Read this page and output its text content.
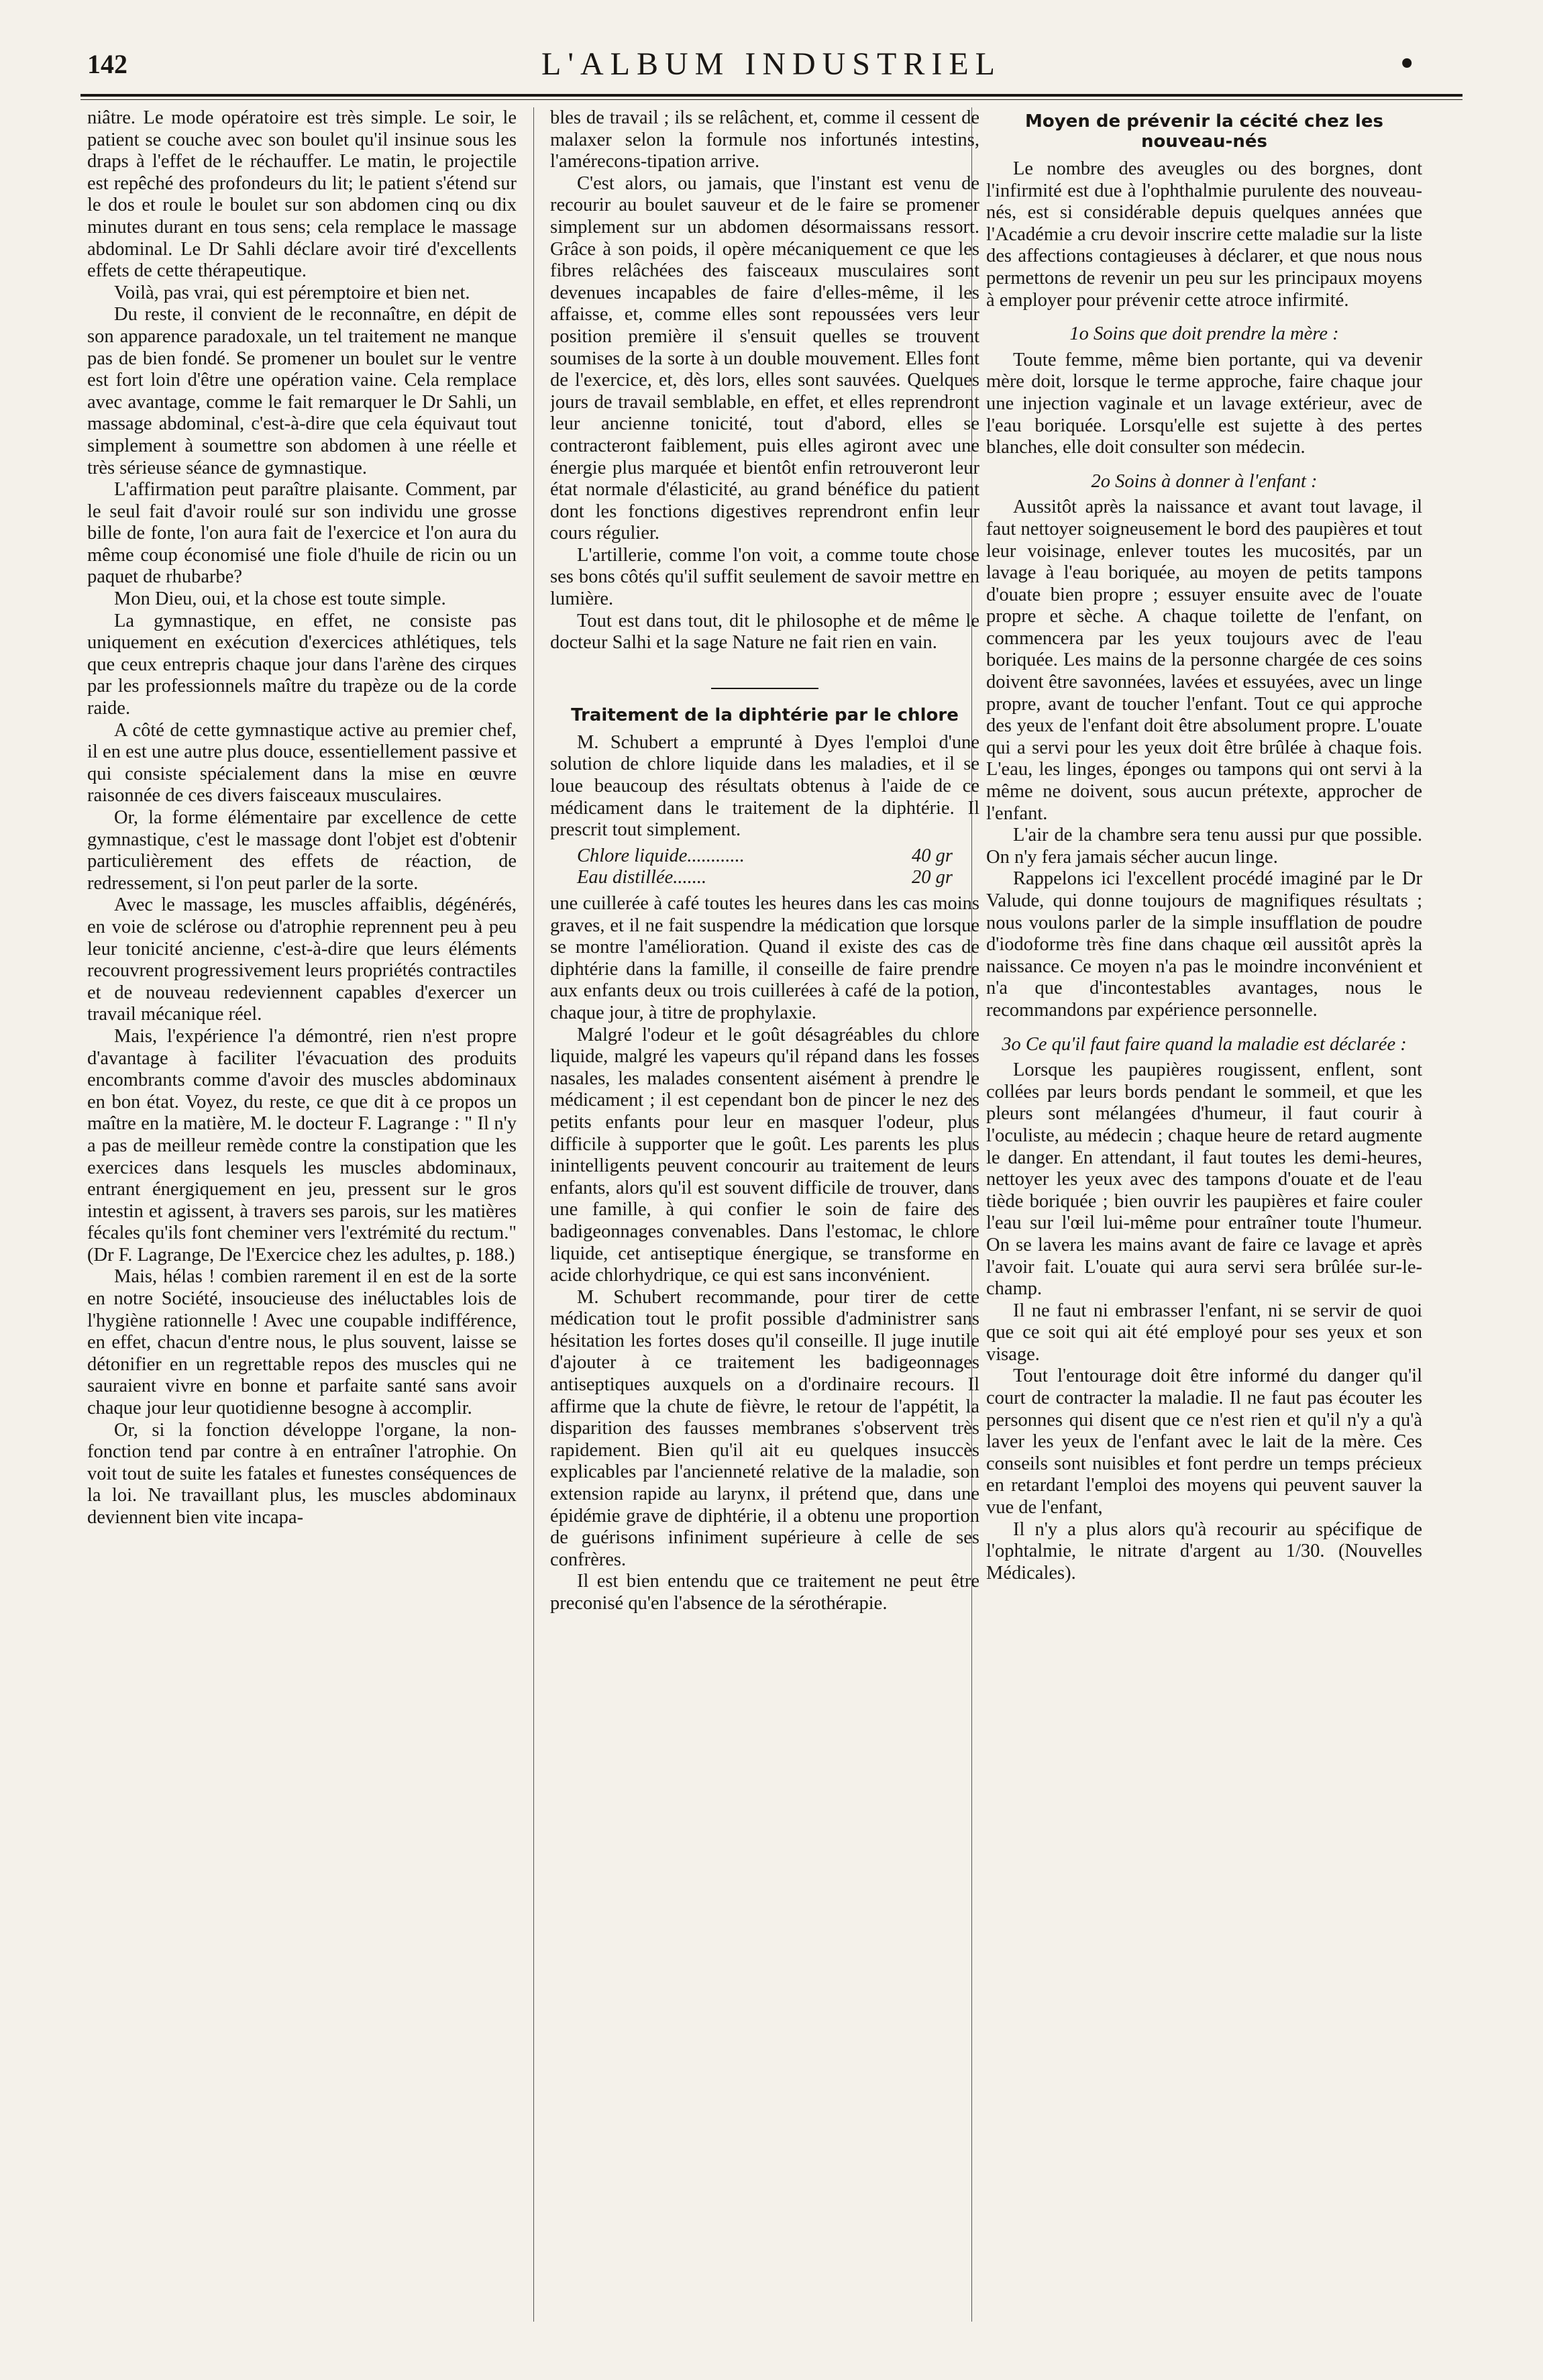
142	L'ALBUM INDUSTRIEL	•

niâtre. Le mode opératoire est très simple. Le soir, le patient se couche avec son boulet qu'il insinue sous les draps à l'effet de le réchauffer. Le matin, le projectile est repêché des profondeurs du lit; le patient s'étend sur le dos et roule le boulet sur son abdomen cinq ou dix minutes durant en tous sens; cela remplace le massage abdominal. Le Dr Sahli déclare avoir tiré d'excellents effets de cette thérapeutique.

Voilà, pas vrai, qui est péremptoire et bien net.

Du reste, il convient de le reconnaître, en dépit de son apparence paradoxale, un tel traitement ne manque pas de bien fondé. Se promener un boulet sur le ventre est fort loin d'être une opération vaine. Cela remplace avec avantage, comme le fait remarquer le Dr Sahli, un massage abdominal, c'est-à-dire que cela équivaut tout simplement à soumettre son abdomen à une réelle et très sérieuse séance de gymnastique.

L'affirmation peut paraître plaisante. Comment, par le seul fait d'avoir roulé sur son individu une grosse bille de fonte, l'on aura fait de l'exercice et l'on aura du même coup économisé une fiole d'huile de ricin ou un paquet de rhubarbe?

Mon Dieu, oui, et la chose est toute simple.

La gymnastique, en effet, ne consiste pas uniquement en exécution d'exercices athlétiques, tels que ceux entrepris chaque jour dans l'arène des cirques par les professionnels maître du trapèze ou de la corde raide.

A côté de cette gymnastique active au premier chef, il en est une autre plus douce, essentiellement passive et qui consiste spécialement dans la mise en œuvre raisonnée de ces divers faisceaux musculaires.

Or, la forme élémentaire par excellence de cette gymnastique, c'est le massage dont l'objet est d'obtenir particulièrement des effets de réaction, de redressement, si l'on peut parler de la sorte.

Avec le massage, les muscles affaiblis, dégénérés, en voie de sclérose ou d'atrophie reprennent peu à peu leur tonicité ancienne, c'est-à-dire que leurs éléments recouvrent progressivement leurs propriétés contractiles et de nouveau redeviennent capables d'exercer un travail mécanique réel.

Mais, l'expérience l'a démontré, rien n'est propre d'avantage à faciliter l'évacuation des produits encombrants comme d'avoir des muscles abdominaux en bon état. Voyez, du reste, ce que dit à ce propos un maître en la matière, M. le docteur F. Lagrange : " Il n'y a pas de meilleur remède contre la constipation que les exercices dans lesquels les muscles abdominaux, entrant énergiquement en jeu, pressent sur le gros intestin et agissent, à travers ses parois, sur les matières fécales qu'ils font cheminer vers l'extrémité du rectum." (Dr F. Lagrange, De l'Exercice chez les adultes, p. 188.)

Mais, hélas ! combien rarement il en est de la sorte en notre Société, insoucieuse des inéluctables lois de l'hygiène rationnelle ! Avec une coupable indifférence, en effet, chacun d'entre nous, le plus souvent, laisse se détonifier en un regrettable repos des muscles qui ne sauraient vivre en bonne et parfaite santé sans avoir chaque jour leur quotidienne besogne à accomplir.

Or, si la fonction développe l'organe, la non-fonction tend par contre à en entraîner l'atrophie. On voit tout de suite les fatales et funestes conséquences de la loi. Ne travaillant plus, les muscles abdominaux deviennent bien vite incapa-

bles de travail ; ils se relâchent, et, comme il cessent de malaxer selon la formule nos infortunés intestins, l'amérecons-tipation arrive.

C'est alors, ou jamais, que l'instant est venu de recourir au boulet sauveur et de le faire se promener simplement sur un abdomen désormaissans ressort. Grâce à son poids, il opère mécaniquement ce que les fibres relâchées des faisceaux musculaires sont devenues incapables de faire d'elles-même, il les affaisse, et, comme elles sont repoussées vers leur position première il s'ensuit quelles se trouvent soumises de la sorte à un double mouvement. Elles font de l'exercice, et, dès lors, elles sont sauvées. Quelques jours de travail semblable, en effet, et elles reprendront leur ancienne tonicité, tout d'abord, elles se contracteront faiblement, puis elles agiront avec une énergie plus marquée et bientôt enfin retrouveront leur état normale d'élasticité, au grand bénéfice du patient dont les fonctions digestives reprendront enfin leur cours régulier.

L'artillerie, comme l'on voit, a comme toute chose ses bons côtés qu'il suffit seulement de savoir mettre en lumière.

Tout est dans tout, dit le philosophe et de même le docteur Salhi et la sage Nature ne fait rien en vain.

Traitement de la diphtérie par le chlore

M. Schubert a emprunté à Dyes l'emploi d'une solution de chlore liquide dans les maladies, et il se loue beaucoup des résultats obtenus à l'aide de ce médicament dans le traitement de la diphtérie. Il prescrit tout simplement.

Chlore liquide............	40 gr
Eau distillée.......	20 gr

une cuillerée à café toutes les heures dans les cas moins graves, et il ne fait suspendre la médication que lorsque se montre l'amélioration. Quand il existe des cas de diphtérie dans la famille, il conseille de faire prendre aux enfants deux ou trois cuillerées à café de la potion, chaque jour, à titre de prophylaxie.

Malgré l'odeur et le goût désagréables du chlore liquide, malgré les vapeurs qu'il répand dans les fosses nasales, les malades consentent aisément à prendre le médicament ; il est cependant bon de pincer le nez des petits enfants pour leur en masquer l'odeur, plus difficile à supporter que le goût. Les parents les plus inintelligents peuvent concourir au traitement de leurs enfants, alors qu'il est souvent difficile de trouver, dans une famille, à qui confier le soin de faire des badigeonnages convenables. Dans l'estomac, le chlore liquide, cet antiseptique énergique, se transforme en acide chlorhydrique, ce qui est sans inconvénient.

M. Schubert recommande, pour tirer de cette médication tout le profit possible d'administrer sans hésitation les fortes doses qu'il conseille. Il juge inutile d'ajouter à ce traitement les badigeonnages antiseptiques auxquels on a d'ordinaire recours. Il affirme que la chute de fièvre, le retour de l'appétit, la disparition des fausses membranes s'observent très rapidement. Bien qu'il ait eu quelques insuccès explicables par l'ancienneté relative de la maladie, son extension rapide au larynx, il prétend que, dans une épidémie grave de diphtérie, il a obtenu une proportion de guérisons infiniment supérieure à celle de ses confrères.

Il est bien entendu que ce traitement ne peut être preconisé qu'en l'absence de la sérothérapie.

Moyen de prévenir la cécité chez les nouveau-nés

Le nombre des aveugles ou des borgnes, dont l'infirmité est due à l'ophthalmie purulente des nouveau-nés, est si considérable depuis quelques années que l'Académie a cru devoir inscrire cette maladie sur la liste des affections contagieuses à déclarer, et que nous nous permettons de revenir un peu sur les principaux moyens à employer pour prévenir cette atroce infirmité.

1o Soins que doit prendre la mère :

Toute femme, même bien portante, qui va devenir mère doit, lorsque le terme approche, faire chaque jour une injection vaginale et un lavage extérieur, avec de l'eau boriquée. Lorsqu'elle est sujette à des pertes blanches, elle doit consulter son médecin.

2o Soins à donner à l'enfant :

Aussitôt après la naissance et avant tout lavage, il faut nettoyer soigneusement le bord des paupières et tout leur voisinage, enlever toutes les mucosités, par un lavage à l'eau boriquée, au moyen de petits tampons d'ouate bien propre ; essuyer ensuite avec de l'ouate propre et sèche. A chaque toilette de l'enfant, on commencera par les yeux toujours avec de l'eau boriquée. Les mains de la personne chargée de ces soins doivent être savonnées, lavées et essuyées, avec un linge propre, avant de toucher l'enfant. Tout ce qui approche des yeux de l'enfant doit être absolument propre. L'ouate qui a servi pour les yeux doit être brûlée à chaque fois. L'eau, les linges, éponges ou tampons qui ont servi à la même ne doivent, sous aucun prétexte, approcher de l'enfant.

L'air de la chambre sera tenu aussi pur que possible. On n'y fera jamais sécher aucun linge.

Rappelons ici l'excellent procédé imaginé par le Dr Valude, qui donne toujours de magnifiques résultats ; nous voulons parler de la simple insufflation de poudre d'iodoforme très fine dans chaque œil aussitôt après la naissance. Ce moyen n'a pas le moindre inconvénient et n'a que d'incontestables avantages, nous le recommandons par expérience personnelle.

3o Ce qu'il faut faire quand la maladie est déclarée :

Lorsque les paupières rougissent, enflent, sont collées par leurs bords pendant le sommeil, et que les pleurs sont mélangées d'humeur, il faut courir à l'oculiste, au médecin ; chaque heure de retard augmente le danger. En attendant, il faut toutes les demi-heures, nettoyer les yeux avec des tampons d'ouate et de l'eau tiède boriquée ; bien ouvrir les paupières et faire couler l'eau sur l'œil lui-même pour entraîner toute l'humeur. On se lavera les mains avant de faire ce lavage et après l'avoir fait. L'ouate qui aura servi sera brûlée sur-le-champ.

Il ne faut ni embrasser l'enfant, ni se servir de quoi que ce soit qui ait été employé pour ses yeux et son visage.

Tout l'entourage doit être informé du danger qu'il court de contracter la maladie. Il ne faut pas écouter les personnes qui disent que ce n'est rien et qu'il n'y a qu'à laver les yeux de l'enfant avec le lait de la mère. Ces conseils sont nuisibles et font perdre un temps précieux en retardant l'emploi des moyens qui peuvent sauver la vue de l'enfant,

Il n'y a plus alors qu'à recourir au spécifique de l'ophtalmie, le nitrate d'argent au 1/30. (Nouvelles Médicales).
